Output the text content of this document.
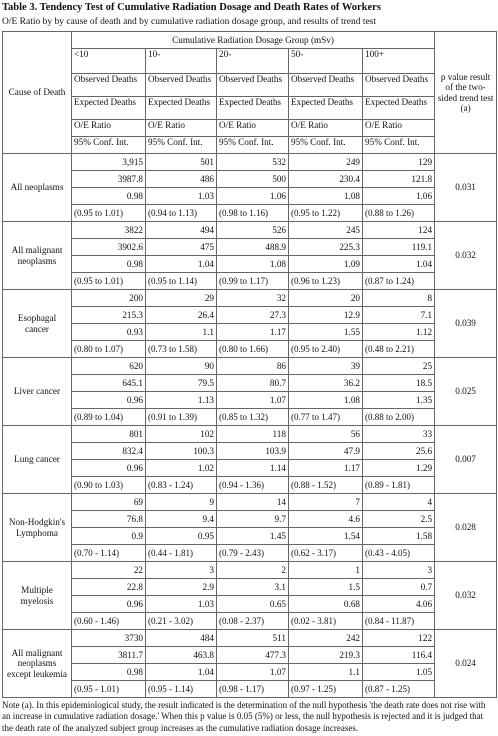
Table 3. Tendency Test of Cumulative Radiation Dosage and Death Rates of Workers
O/E Ratio by by cause of death and by cumulative radiation dosage group, and results of trend test
Cause of Death	Cumulative Radiation Dosage Group (mSv)					p value result of the two-sided trend test (a)
	<10	10-	20-	50-	100+	
	Observed Deaths	Observed Deaths	Observed Deaths	Observed Deaths	Observed Deaths	
	Expected Deaths	Expected Deaths	Expected Deaths	Expected Deaths	Expected Deaths	
	O/E Ratio	O/E Ratio	O/E Ratio	O/E Ratio	O/E Ratio	
	95% Conf. Int.	95% Conf. Int.	95% Conf. Int.	95% Conf. Int.	95% Conf. Int.	
All neoplasms	3,915	501	532	249	129	0.031
	3987.8	486	500	230.4	121.8	
	0.98	1.03	1.06	1.08	1.06	
	(0.95 to 1.01)	(0.94 to 1.13)	(0.98 to 1.16)	(0.95 to 1.22)	(0.88 to 1.26)	
All malignant neoplasms	3822	494	526	245	124	0.032
	3902.6	475	488.9	225.3	119.1	
	0.98	1.04	1.08	1.09	1.04	
	(0.95 to 1.01)	(0.95 to 1.14)	(0.99 to 1.17)	(0.96 to 1.23)	(0.87 to 1.24)	
Esophagal cancer	200	29	32	20	8	0.039
	215.3	26.4	27.3	12.9	7.1	
	0.93	1.1	1.17	1.55	1.12	
	(0.80 to 1.07)	(0.73 to 1.58)	(0.80 to 1.66)	(0.95 to 2.40)	(0.48 to 2.21)	
Liver cancer	620	90	86	39	25	0.025
	645.1	79.5	80.7	36.2	18.5	
	0.96	1.13	1.07	1.08	1.35	
	(0.89 to 1.04)	(0.91 to 1.39)	(0.85 to 1.32)	(0.77 to 1.47)	(0.88 to 2.00)	
Lung cancer	801	102	118	56	33	0.007
	832.4	100.3	103.9	47.9	25.6	
	0.96	1.02	1.14	1.17	1.29	
	(0.90 to 1.03)	(0.83 - 1.24)	(0.94 - 1.36)	(0.88 - 1.52)	(0.89 - 1.81)	
Non-Hodgkin's Lymphoma	69	9	14	7	4	0.028
	76.8	9.4	9.7	4.6	2.5	
	0.9	0.95	1.45	1.54	1.58	
	(0.70 - 1.14)	(0.44 - 1.81)	(0.79 - 2.43)	(0.62 - 3.17)	(0.43 - 4.05)	
Multiple myelosis	22	3	2	1	3	0.032
	22.8	2.9	3.1	1.5	0.7	
	0.96	1.03	0.65	0.68	4.06	
	(0.60 - 1.46)	(0.21 - 3.02)	(0.08 - 2.37)	(0.02 - 3.81)	(0.84 - 11.87)	
All malignant neoplasms except leukemia	3730	484	511	242	122	0.024
	3811.7	463.8	477.3	219.3	116.4	
	0.98	1.04	1.07	1.1	1.05	
	(0.95 - 1.01)	(0.95 - 1.14)	(0.98 - 1.17)	(0.97 - 1.25)	(0.87 - 1.25)	
Note (a). In this epidemiological study, the result indicated is the determination of the null hypothesis 'the death rate does not rise with an increase in cumulative radiation dosage.' When this p value is 0.05 (5%) or less, the null hypothesis is rejected and it is judged that the death rate of the analyzed subject group increases as the cumulative radiation dosage increases.
